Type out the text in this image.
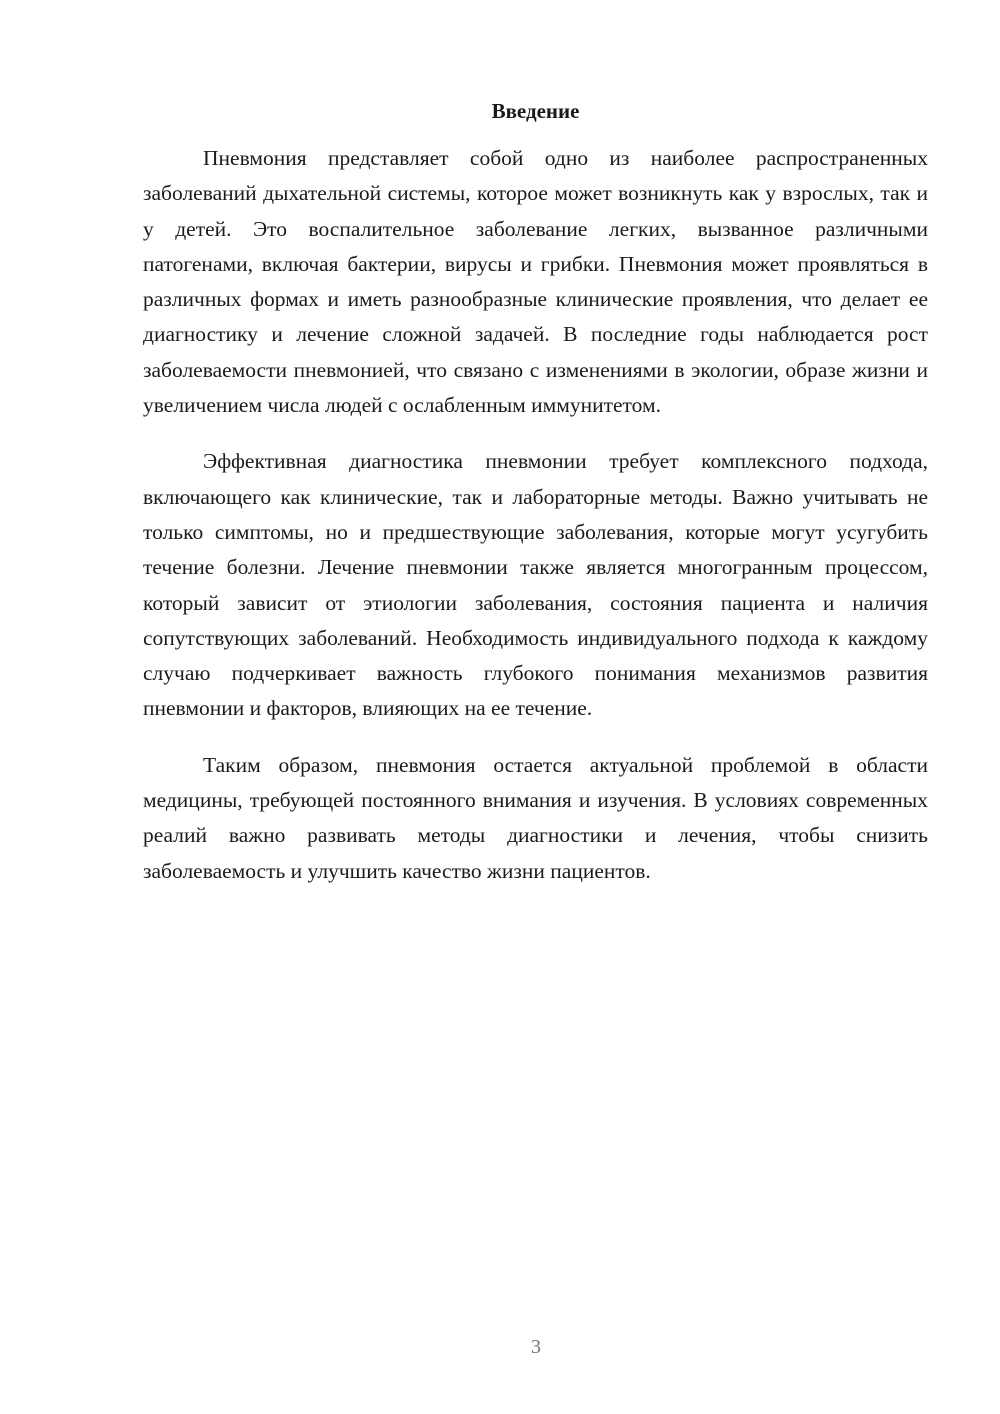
Введение

Пневмония представляет собой одно из наиболее распространенных заболеваний дыхательной системы, которое может возникнуть как у взрослых, так и у детей. Это воспалительное заболевание легких, вызванное различными патогенами, включая бактерии, вирусы и грибки. Пневмония может проявляться в различных формах и иметь разнообразные клинические проявления, что делает ее диагностику и лечение сложной задачей. В последние годы наблюдается рост заболеваемости пневмонией, что связано с изменениями в экологии, образе жизни и увеличением числа людей с ослабленным иммунитетом.

Эффективная диагностика пневмонии требует комплексного подхода, включающего как клинические, так и лабораторные методы. Важно учитывать не только симптомы, но и предшествующие заболевания, которые могут усугубить течение болезни. Лечение пневмонии также является многогранным процессом, который зависит от этиологии заболевания, состояния пациента и наличия сопутствующих заболеваний. Необходимость индивидуального подхода к каждому случаю подчеркивает важность глубокого понимания механизмов развития пневмонии и факторов, влияющих на ее течение.

Таким образом, пневмония остается актуальной проблемой в области медицины, требующей постоянного внимания и изучения. В условиях современных реалий важно развивать методы диагностики и лечения, чтобы снизить заболеваемость и улучшить качество жизни пациентов.

3
